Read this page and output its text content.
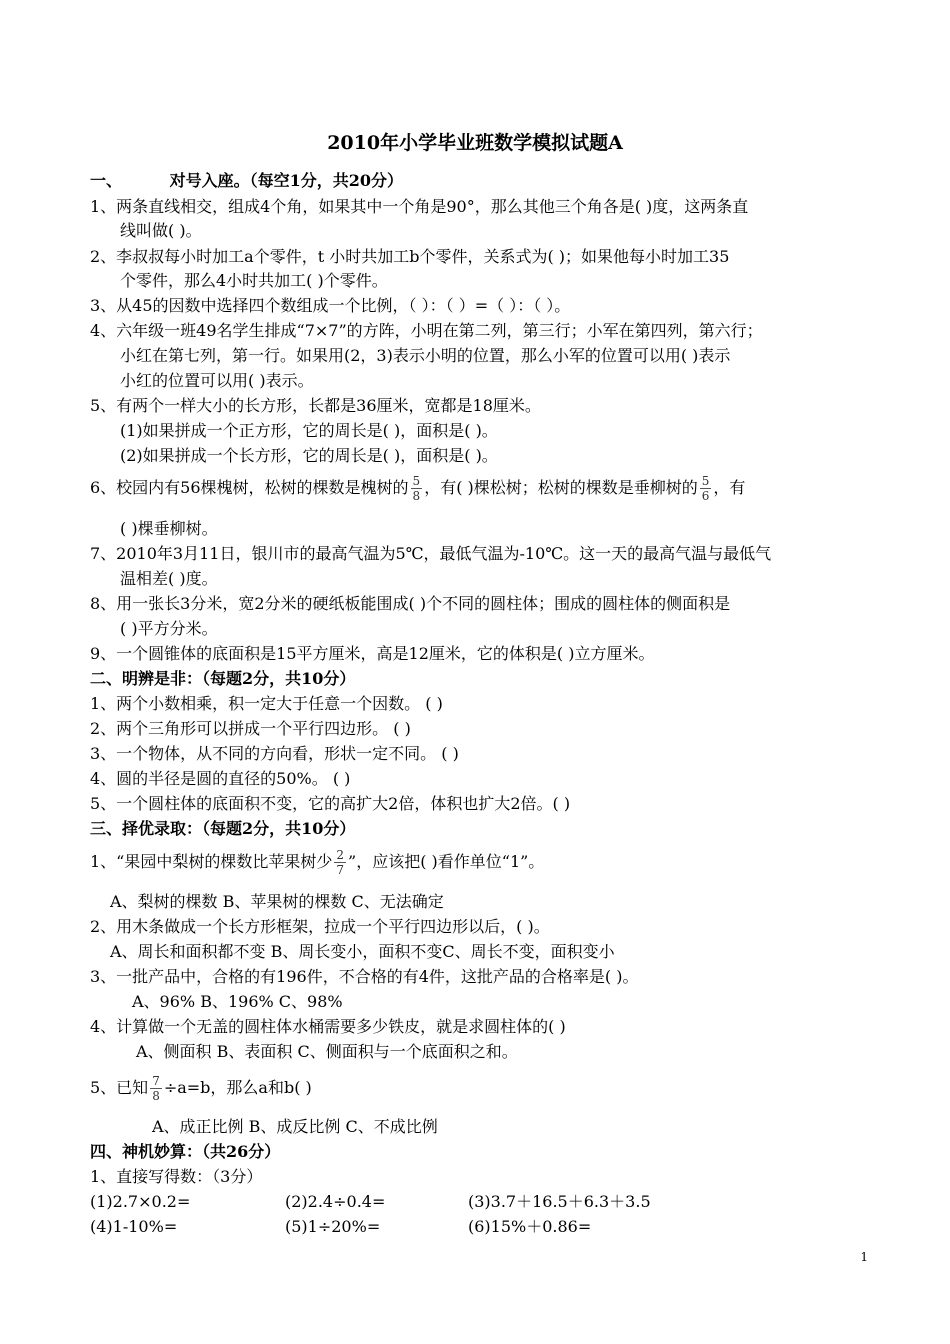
2010年小学毕业班数学模拟试题A
一、	对号入座。（每空1分，共20分）
1、两条直线相交，组成4个角，如果其中一个角是90°，那么其他三个角各是( )度，这两条直
线叫做( )。
2、李叔叔每小时加工a个零件，t 小时共加工b个零件，关系式为( )；如果他每小时加工35
个零件，那么4小时共加工( )个零件。
3、从45的因数中选择四个数组成一个比例，（ ）：（ ）=（ ）：（ ）。
4、六年级一班49名学生排成“7×7”的方阵，小明在第二列，第三行；小军在第四列，第六行；
小红在第七列，第一行。如果用(2，3)表示小明的位置，那么小军的位置可以用( )表示
小红的位置可以用( )表示。
5、有两个一样大小的长方形，长都是36厘米，宽都是18厘米。
(1)如果拼成一个正方形，它的周长是( )，面积是( )。
(2)如果拼成一个长方形，它的周长是( )，面积是( )。
6、校园内有56棵槐树，松树的棵数是槐树的 $\frac{5}{8}$ ，有( )棵松树；松树的棵数是垂柳树的 $\frac{5}{6}$ ，有
( )棵垂柳树。
7、2010年3月11日，银川市的最高气温为5℃，最低气温为-10℃。这一天的最高气温与最低气
温相差( )度。
8、用一张长3分米，宽2分米的硬纸板能围成( )个不同的圆柱体；围成的圆柱体的侧面积是
( )平方分米。
9、一个圆锥体的底面积是15平方厘米，高是12厘米，它的体积是( )立方厘米。
二、明辨是非：（每题2分，共10分）
1、两个小数相乘，积一定大于任意一个因数。 ( )
2、两个三角形可以拼成一个平行四边形。 ( )
3、一个物体，从不同的方向看，形状一定不同。 ( )
4、圆的半径是圆的直径的50%。 ( )
5、一个圆柱体的底面积不变，它的高扩大2倍，体积也扩大2倍。( )
三、择优录取：（每题2分，共10分）
1、“果园中梨树的棵数比苹果树少 $\frac{2}{7}$ ”，应该把( )看作单位“1”。
A、梨树的棵数 B、苹果树的棵数 C、无法确定
2、用木条做成一个长方形框架，拉成一个平行四边形以后，( )。
A、周长和面积都不变 B、周长变小，面积不变C、周长不变，面积变小
3、一批产品中，合格的有196件，不合格的有4件，这批产品的合格率是( )。
A、96% B、196% C、98%
4、计算做一个无盖的圆柱体水桶需要多少铁皮，就是求圆柱体的( )
A、侧面积 B、表面积 C、侧面积与一个底面积之和。
5、已知 $\frac{7}{8} \div a=b$，那么a和b( )
A、成正比例 B、成反比例 C、不成比例
四、神机妙算：（共26分）
1、直接写得数：（3分）
(1)2.7×0.2=	(2)2.4÷0.4=	(3)3.7＋16.5＋6.3＋3.5
(4)1-10%=	(5)1÷20%=	(6)15%＋0.86=
1
